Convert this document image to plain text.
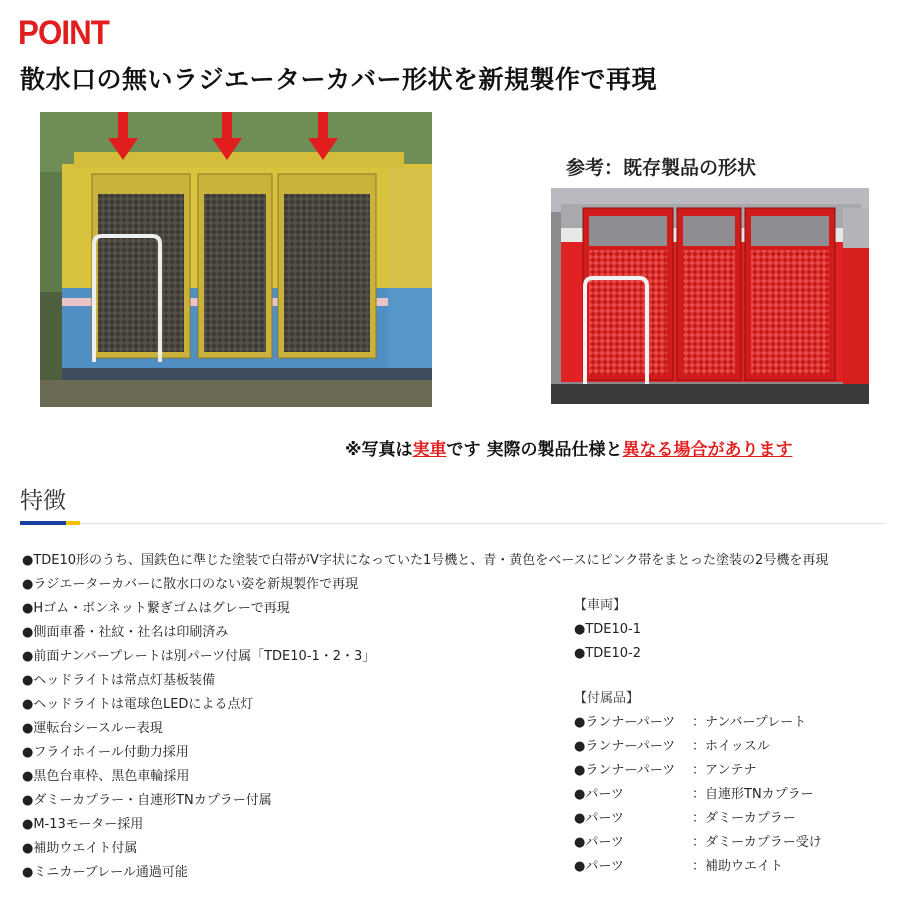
POINT
散水口の無いラジエーターカバー形状を新規製作で再現
参考：既存製品の形状
※写真は実車です 実際の製品仕様と異なる場合があります
特徴
●TDE10形のうち、国鉄色に準じた塗装で白帯がV字状になっていた1号機と、青・黄色をベースにピンク帯をまとった塗装の2号機を再現
●ラジエーターカバーに散水口のない姿を新規製作で再現
●Hゴム・ボンネット繋ぎゴムはグレーで再現
●側面車番・社紋・社名は印刷済み
●前面ナンバープレートは別パーツ付属「TDE10-1・2・3」
●ヘッドライトは常点灯基板装備
●ヘッドライトは電球色LEDによる点灯
●運転台シースルー表現
●フライホイール付動力採用
●黒色台車枠、黒色車輪採用
●ダミーカプラー・自連形TNカプラー付属
●M-13モーター採用
●補助ウエイト付属
●ミニカーブレール通過可能
【車両】
●TDE10-1
●TDE10-2
【付属品】
●ランナーパーツ ：ナンバープレート
●ランナーパーツ ：ホイッスル
●ランナーパーツ ：アンテナ
●パーツ	：自連形TNカプラー
●パーツ	：ダミーカプラー
●パーツ	：ダミーカプラー受け
●パーツ	：補助ウエイト
